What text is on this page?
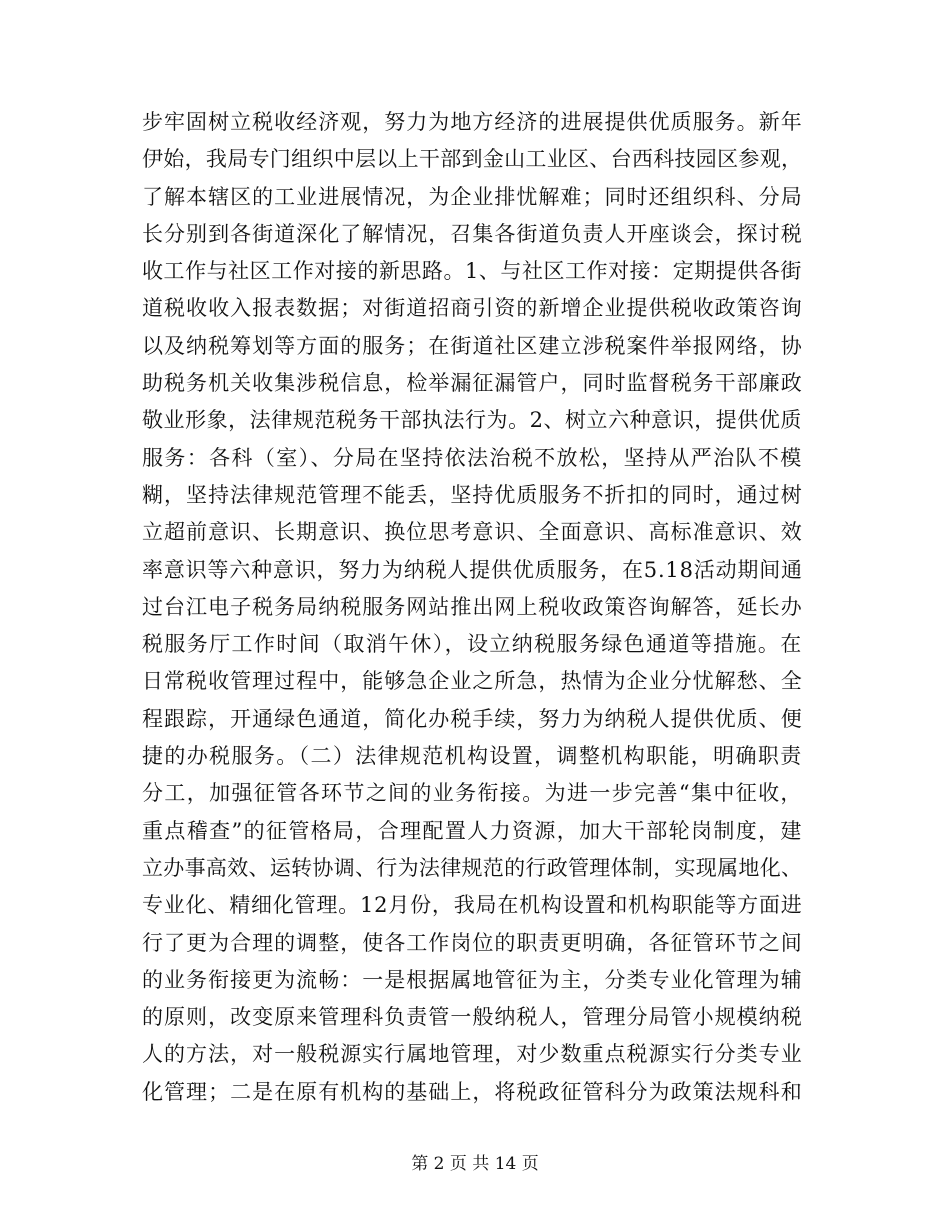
步牢固树立税收经济观，努力为地方经济的进展提供优质服务。新年
伊始，我局专门组织中层以上干部到金山工业区、台西科技园区参观，
了解本辖区的工业进展情况，为企业排忧解难；同时还组织科、分局
长分别到各街道深化了解情况，召集各街道负责人开座谈会，探讨税
收工作与社区工作对接的新思路。1、与社区工作对接：定期提供各街
道税收收入报表数据；对街道招商引资的新增企业提供税收政策咨询
以及纳税筹划等方面的服务；在街道社区建立涉税案件举报网络，协
助税务机关收集涉税信息，检举漏征漏管户，同时监督税务干部廉政
敬业形象，法律规范税务干部执法行为。2、树立六种意识，提供优质
服务：各科（室）、分局在坚持依法治税不放松，坚持从严治队不模
糊，坚持法律规范管理不能丢，坚持优质服务不折扣的同时，通过树
立超前意识、长期意识、换位思考意识、全面意识、高标准意识、效
率意识等六种意识，努力为纳税人提供优质服务，在5.18活动期间通
过台江电子税务局纳税服务网站推出网上税收政策咨询解答，延长办
税服务厅工作时间（取消午休），设立纳税服务绿色通道等措施。在
日常税收管理过程中，能够急企业之所急，热情为企业分忧解愁、全
程跟踪，开通绿色通道，简化办税手续，努力为纳税人提供优质、便
捷的办税服务。（二）法律规范机构设置，调整机构职能，明确职责
分工，加强征管各环节之间的业务衔接。为进一步完善“集中征收，
重点稽查”的征管格局，合理配置人力资源，加大干部轮岗制度，建
立办事高效、运转协调、行为法律规范的行政管理体制，实现属地化、
专业化、精细化管理。12月份，我局在机构设置和机构职能等方面进
行了更为合理的调整，使各工作岗位的职责更明确，各征管环节之间
的业务衔接更为流畅：一是根据属地管征为主，分类专业化管理为辅
的原则，改变原来管理科负责管一般纳税人，管理分局管小规模纳税
人的方法，对一般税源实行属地管理，对少数重点税源实行分类专业
化管理；二是在原有机构的基础上，将税政征管科分为政策法规科和
第 2 页 共 14 页
